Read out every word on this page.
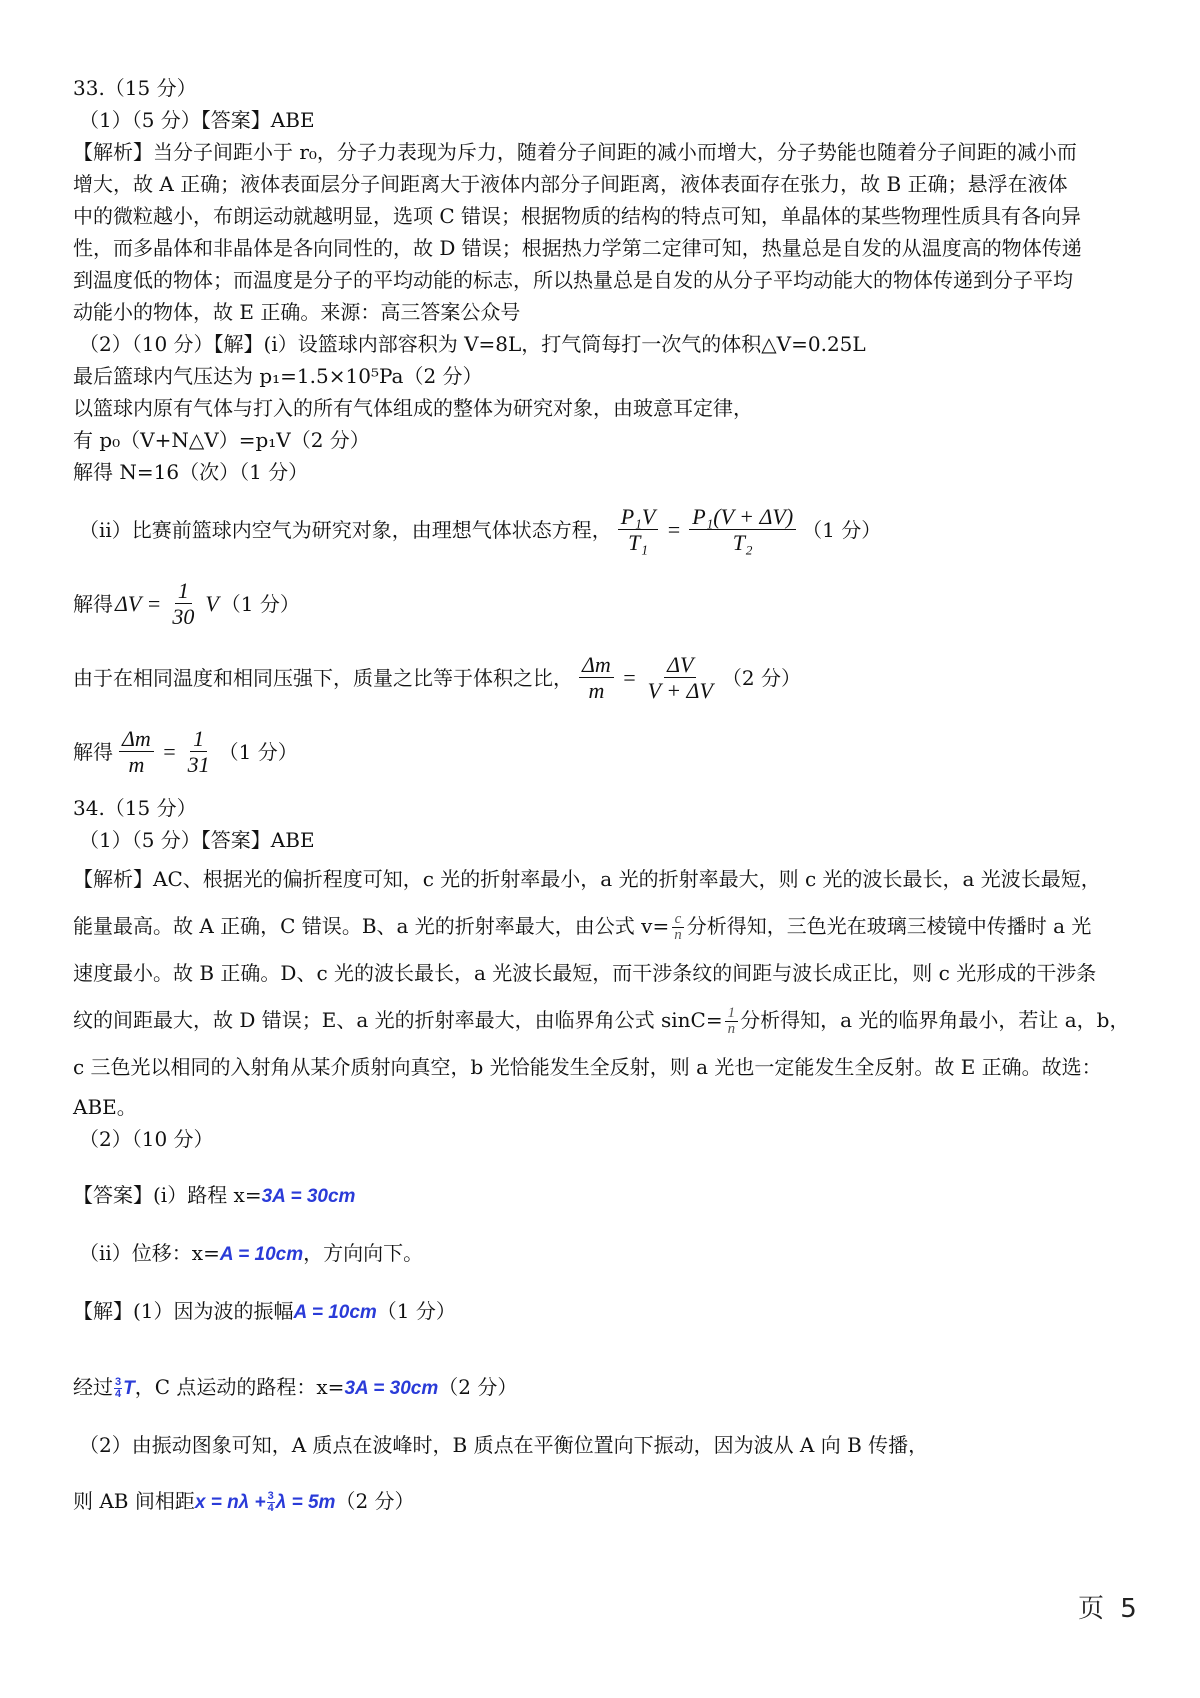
33.（15 分）
（1）（5 分）【答案】ABE
【解析】当分子间距小于 r₀，分子力表现为斥力，随着分子间距的减小而增大，分子势能也随着分子间距的减小而
增大，故 A 正确；液体表面层分子间距离大于液体内部分子间距离，液体表面存在张力，故 B 正确；悬浮在液体
中的微粒越小，布朗运动就越明显，选项 C 错误；根据物质的结构的特点可知，单晶体的某些物理性质具有各向异
性，而多晶体和非晶体是各向同性的，故 D 错误；根据热力学第二定律可知，热量总是自发的从温度高的物体传递
到温度低的物体；而温度是分子的平均动能的标志，所以热量总是自发的从分子平均动能大的物体传递到分子平均
动能小的物体，故 E 正确。来源：高三答案公众号
（2）（10 分）【解】(i）设篮球内部容积为 V=8L，打气筒每打一次气的体积△V=0.25L
最后篮球内气压达为 p₁=1.5×10⁵Pa（2 分）
以篮球内原有气体与打入的所有气体组成的整体为研究对象，由玻意耳定律，
有 p₀（V+N△V）=p₁V（2 分）
解得 N=16（次）（1 分）
（ii）比赛前篮球内空气为研究对象，由理想气体状态方程， $\frac{\text{P₁V}}{\text{T₁}} = \frac{\text{P₁(V + ΔV)}}{\text{T₂}} (1$ 分）
解得 $\Delta V = \frac{1}{30}$ V （1 分）
由于在相同温度和相同压强下，质量之比等于体积之比， $\frac{\Delta m}{m} = \frac{\Delta V}{V + \Delta V} (2$ 分）
解得 $\frac{\Delta m}{m} = \frac{1}{31} (1$ 分）
34.（15 分）
（1）（5 分）【答案】ABE
【解析】AC、根据光的偏折程度可知，c 光的折射率最小，a 光的折射率最大，则 c 光的波长最长，a 光波长最短，
能量最高。故 A 正确，C 错误。B、a 光的折射率最大，由公式 $v= \frac{c}{n}$ 分析得知，三色光在玻璃三棱镜中传播时 a 光
速度最小。故 B 正确。D、c 光的波长最长，a 光波长最短，而干涉条纹的间距与波长成正比，则 c 光形成的干涉条
纹的间距最大，故 D 错误；E、a 光的折射率最大，由临界角公式 $\sin C= \frac{1}{n}$ 分析得知，a 光的临界角最小，若让 a，b，
c 三色光以相同的入射角从某介质射向真空，b 光恰能发生全反射，则 a 光也一定能发生全反射。故 E 正确。故选：
ABE。
（2）（10 分）
【答案】(i）路程 x=3A = 30cm
（ii）位移：x=A = 10cm，方向向下。
【解】(1）因为波的振幅A = 10cm（1 分）
经过 $\frac{3}{4}$ T，C 点运动的路程：x=3A = 30cm（2 分）
（2）由振动图象可知，A 质点在波峰时，B 质点在平衡位置向下振动，因为波从 A 向 B 传播，
则 AB 间相距$x = n\lambda + \frac{3}{4}$ λ = 5m（2 分）
页 5
